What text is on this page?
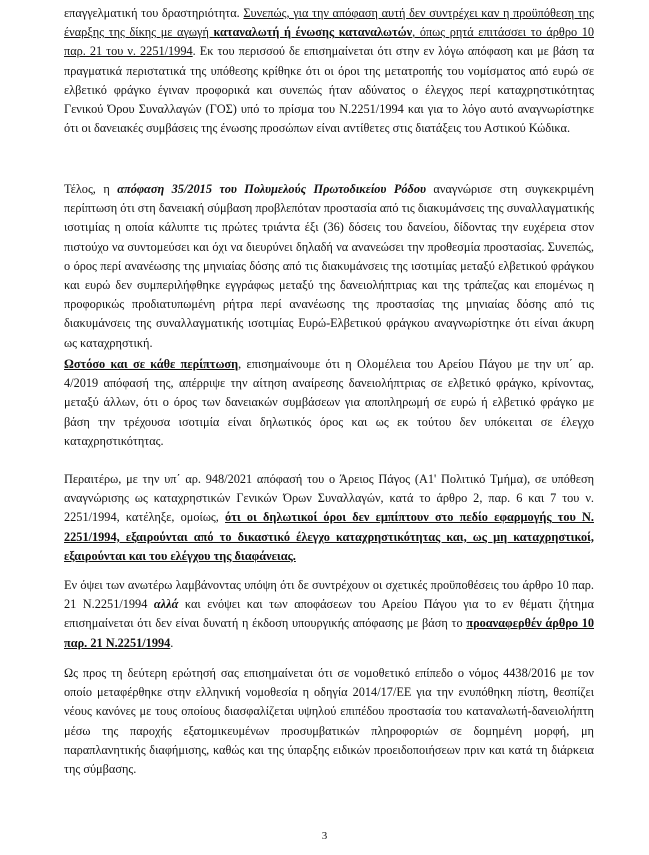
επαγγελματική του δραστηριότητα. Συνεπώς, για την απόφαση αυτή δεν συντρέχει καν η προϋπόθεση της έναρξης της δίκης με αγωγή καταναλωτή ή ένωσης καταναλωτών, όπως ρητά επιτάσσει το άρθρο 10 παρ. 21 του ν. 2251/1994. Εκ του περισσού δε επισημαίνεται ότι στην εν λόγω απόφαση και με βάση τα πραγματικά περιστατικά της υπόθεσης κρίθηκε ότι οι όροι της μετατροπής του νομίσματος από ευρώ σε ελβετικό φράγκο έγιναν προφορικά και συνεπώς ήταν αδύνατος ο έλεγχος περί καταχρηστικότητας Γενικού Όρου Συναλλαγών (ΓΟΣ) υπό το πρίσμα του Ν.2251/1994 και για το λόγο αυτό αναγνωρίστηκε ότι οι δανειακές συμβάσεις της ένωσης προσώπων είναι αντίθετες στις διατάξεις του Αστικού Κώδικα.

Τέλος, η απόφαση 35/2015 του Πολυμελούς Πρωτοδικείου Ρόδου αναγνώρισε στη συγκεκριμένη περίπτωση ότι στη δανειακή σύμβαση προβλεπόταν προστασία από τις διακυμάνσεις της συναλλαγματικής ισοτιμίας η οποία κάλυπτε τις πρώτες τριάντα έξι (36) δόσεις του δανείου, δίδοντας την ευχέρεια στον πιστούχο να συντομεύσει και όχι να διευρύνει δηλαδή να ανανεώσει την προθεσμία προστασίας. Συνεπώς, ο όρος περί ανανέωσης της μηνιαίας δόσης από τις διακυμάνσεις της ισοτιμίας μεταξύ ελβετικού φράγκου και ευρώ δεν συμπεριλήφθηκε εγγράφως μεταξύ της δανειολήπτριας και της τράπεζας και επομένως η προφορικώς προδιατυπωμένη ρήτρα περί ανανέωσης της προστασίας της μηνιαίας δόσης από τις διακυμάνσεις της συναλλαγματικής ισοτιμίας Ευρώ-Ελβετικού φράγκου αναγνωρίστηκε ότι είναι άκυρη ως καταχρηστική.

Ωστόσο και σε κάθε περίπτωση, επισημαίνουμε ότι η Ολομέλεια του Αρείου Πάγου με την υπ΄ αρ. 4/2019 απόφασή της, απέρριψε την αίτηση αναίρεσης δανειολήπτριας σε ελβετικό φράγκο, κρίνοντας, μεταξύ άλλων, ότι ο όρος των δανειακών συμβάσεων για αποπληρωμή σε ευρώ ή ελβετικό φράγκο με βάση την τρέχουσα ισοτιμία είναι δηλωτικός όρος και ως εκ τούτου δεν υπόκειται σε έλεγχο καταχρηστικότητας.

Περαιτέρω, με την υπ΄ αρ. 948/2021 απόφασή του ο Άρειος Πάγος (Α1' Πολιτικό Τμήμα), σε υπόθεση αναγνώρισης ως καταχρηστικών Γενικών Όρων Συναλλαγών, κατά το άρθρο 2, παρ. 6 και 7 του ν. 2251/1994, κατέληξε, ομοίως, ότι οι δηλωτικοί όροι δεν εμπίπτουν στο πεδίο εφαρμογής του Ν. 2251/1994, εξαιρούνται από το δικαστικό έλεγχο καταχρηστικότητας και, ως μη καταχρηστικοί, εξαιρούνται και του ελέγχου της διαφάνειας.

Εν όψει των ανωτέρω λαμβάνοντας υπόψη ότι δε συντρέχουν οι σχετικές προϋποθέσεις του άρθρο 10 παρ. 21 Ν.2251/1994 αλλά και ενόψει και των αποφάσεων του Αρείου Πάγου για το εν θέματι ζήτημα επισημαίνεται ότι δεν είναι δυνατή η έκδοση υπουργικής απόφασης με βάση το προαναφερθέν άρθρο 10 παρ. 21 Ν.2251/1994.

Ως προς τη δεύτερη ερώτησή σας επισημαίνεται ότι σε νομοθετικό επίπεδο ο νόμος 4438/2016 με τον οποίο μεταφέρθηκε στην ελληνική νομοθεσία η οδηγία 2014/17/ΕΕ για την ενυπόθηκη πίστη, θεσπίζει νέους κανόνες με τους οποίους διασφαλίζεται υψηλού επιπέδου προστασία του καταναλωτή-δανειολήπτη μέσω της παροχής εξατομικευμένων προσυμβατικών πληροφοριών σε δομημένη μορφή, μη παραπλανητικής διαφήμισης, καθώς και της ύπαρξης ειδικών προειδοποιήσεων πριν και κατά τη διάρκεια της σύμβασης.

3
